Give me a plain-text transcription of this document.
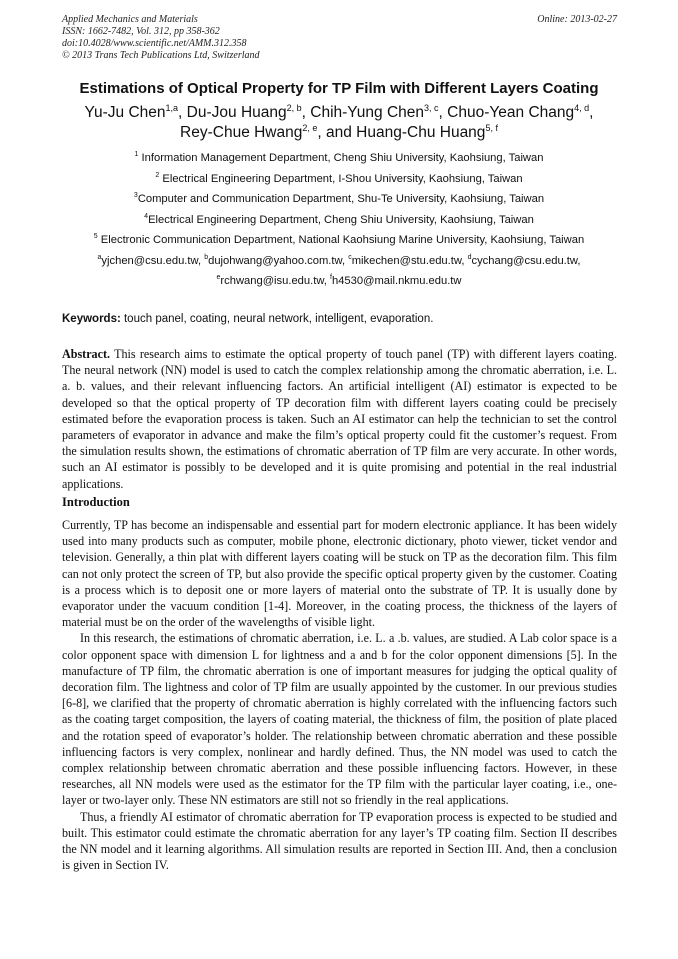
Applied Mechanics and Materials
ISSN: 1662-7482, Vol. 312, pp 358-362
doi:10.4028/www.scientific.net/AMM.312.358
© 2013 Trans Tech Publications Ltd, Switzerland
Online: 2013-02-27
Estimations of Optical Property for TP Film with Different Layers Coating
Yu-Ju Chen$^{1,a}$, Du-Jou Huang$^{2, b}$, Chih-Yung Chen$^{3, c}$, Chuo-Yean Chang$^{4, d}$,
Rey-Chue Hwang$^{2, e}$, and Huang-Chu Huang$^{5, f}$
$^1$ Information Management Department, Cheng Shiu University, Kaohsiung, Taiwan
$^2$ Electrical Engineering Department, I-Shou University, Kaohsiung, Taiwan
$^3$Computer and Communication Department, Shu-Te University, Kaohsiung, Taiwan
$^4$Electrical Engineering Department, Cheng Shiu University, Kaohsiung, Taiwan
$^5$ Electronic Communication Department, National Kaohsiung Marine University, Kaohsiung, Taiwan
$^a$yjchen@csu.edu.tw, $^b$dujohwang@yahoo.com.tw, $^c$mikechen@stu.edu.tw, $^d$cychang@csu.edu.tw,
$^e$rchwang@isu.edu.tw, $^f$h4530@mail.nkmu.edu.tw
Keywords: touch panel, coating, neural network, intelligent, evaporation.

Abstract. This research aims to estimate the optical property of touch panel (TP) with different layers coating. The neural network (NN) model is used to catch the complex relationship among the chromatic aberration, i.e. L. a. b. values, and their relevant influencing factors. An artificial intelligent (AI) estimator is expected to be developed so that the optical property of TP decoration film with different layers coating could be precisely estimated before the evaporation process is taken. Such an AI estimator can help the technician to set the control parameters of evaporator in advance and make the film’s optical property could fit the customer’s request. From the simulation results shown, the estimations of chromatic aberration of TP film are very accurate. In other words, such an AI estimator is possibly to be developed and it is quite promising and potential in the real industrial applications.

Introduction

Currently, TP has become an indispensable and essential part for modern electronic appliance. It has been widely used into many products such as computer, mobile phone, electronic dictionary, photo viewer, ticket vendor and television. Generally, a thin plat with different layers coating will be stuck on TP as the decoration film. This film can not only protect the screen of TP, but also provide the specific optical property given by the customer. Coating is a process which is to deposit one or more layers of material onto the substrate of TP. It is usually done by evaporator under the vacuum condition [1-4]. Moreover, in the coating process, the thickness of the layers of material must be on the order of the wavelengths of visible light.

In this research, the estimations of chromatic aberration, i.e. L. a .b. values, are studied. A Lab color space is a color opponent space with dimension L for lightness and a and b for the color opponent dimensions [5]. In the manufacture of TP film, the chromatic aberration is one of important measures for judging the optical quality of decoration film. The lightness and color of TP film are usually appointed by the customer. In our previous studies [6-8], we clarified that the property of chromatic aberration is highly correlated with the influencing factors such as the coating target composition, the layers of coating material, the thickness of film, the position of plate placed and the rotation speed of evaporator’s holder. The relationship between chromatic aberration and these possible influencing factors is very complex, nonlinear and hardly defined. Thus, the NN model was used to catch the complex relationship between chromatic aberration and these possible influencing factors. However, in these researches, all NN models were used as the estimator for the TP film with the particular layer coating, i.e., one-layer or two-layer only. These NN estimators are still not so friendly in the real applications.

Thus, a friendly AI estimator of chromatic aberration for TP evaporation process is expected to be studied and built. This estimator could estimate the chromatic aberration for any layer’s TP coating film. Section II describes the NN model and it learning algorithms. All simulation results are reported in Section III. And, then a conclusion is given in Section IV.
